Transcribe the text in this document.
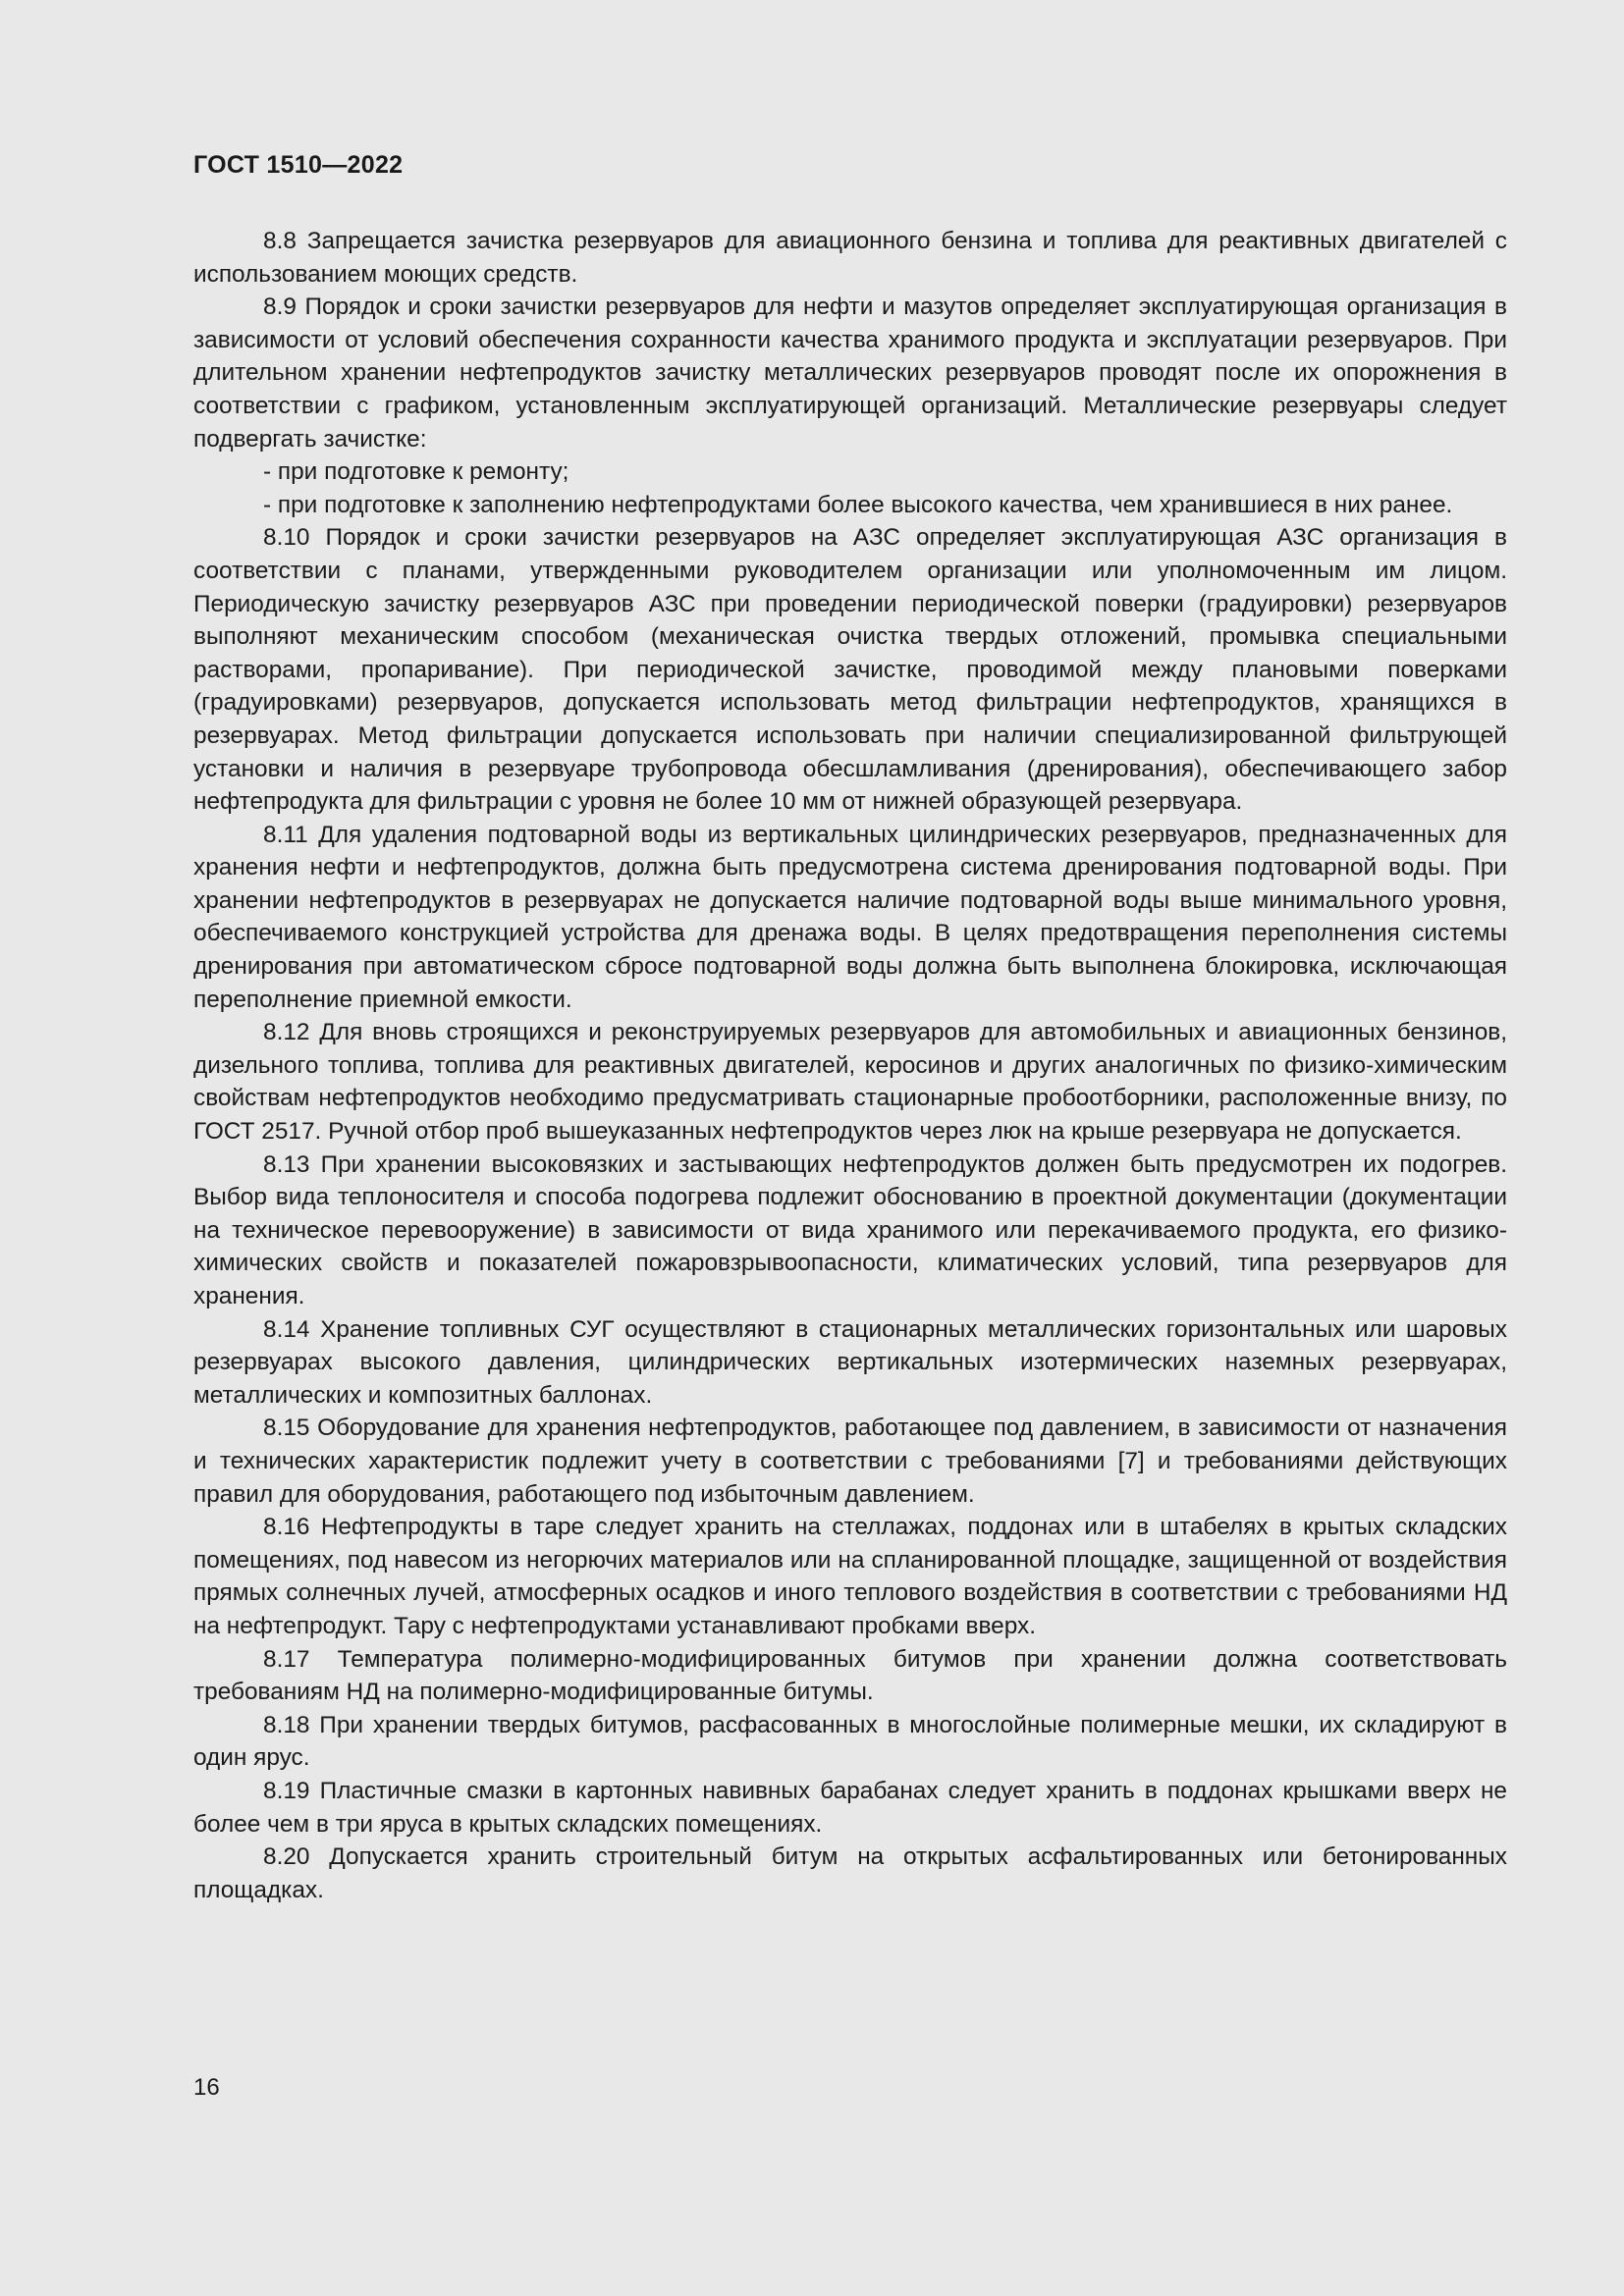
ГОСТ 1510—2022

8.8 Запрещается зачистка резервуаров для авиационного бензина и топлива для реактивных двигателей с использованием моющих средств.

8.9 Порядок и сроки зачистки резервуаров для нефти и мазутов определяет эксплуатирующая организация в зависимости от условий обеспечения сохранности качества хранимого продукта и эксплуатации резервуаров. При длительном хранении нефтепродуктов зачистку металлических резервуаров проводят после их опорожнения в соответствии с графиком, установленным эксплуатирующей организаций. Металлические резервуары следует подвергать зачистке:

- при подготовке к ремонту;

- при подготовке к заполнению нефтепродуктами более высокого качества, чем хранившиеся в них ранее.

8.10 Порядок и сроки зачистки резервуаров на АЗС определяет эксплуатирующая АЗС организация в соответствии с планами, утвержденными руководителем организации или уполномоченным им лицом. Периодическую зачистку резервуаров АЗС при проведении периодической поверки (градуировки) резервуаров выполняют механическим способом (механическая очистка твердых отложений, промывка специальными растворами, пропаривание). При периодической зачистке, проводимой между плановыми поверками (градуировками) резервуаров, допускается использовать метод фильтрации нефтепродуктов, хранящихся в резервуарах. Метод фильтрации допускается использовать при наличии специализированной фильтрующей установки и наличия в резервуаре трубопровода обесшламливания (дренирования), обеспечивающего забор нефтепродукта для фильтрации с уровня не более 10 мм от нижней образующей резервуара.

8.11 Для удаления подтоварной воды из вертикальных цилиндрических резервуаров, предназначенных для хранения нефти и нефтепродуктов, должна быть предусмотрена система дренирования подтоварной воды. При хранении нефтепродуктов в резервуарах не допускается наличие подтоварной воды выше минимального уровня, обеспечиваемого конструкцией устройства для дренажа воды. В целях предотвращения переполнения системы дренирования при автоматическом сбросе подтоварной воды должна быть выполнена блокировка, исключающая переполнение приемной емкости.

8.12 Для вновь строящихся и реконструируемых резервуаров для автомобильных и авиационных бензинов, дизельного топлива, топлива для реактивных двигателей, керосинов и других аналогичных по физико-химическим свойствам нефтепродуктов необходимо предусматривать стационарные пробоотборники, расположенные внизу, по ГОСТ 2517. Ручной отбор проб вышеуказанных нефтепродуктов через люк на крыше резервуара не допускается.

8.13 При хранении высоковязких и застывающих нефтепродуктов должен быть предусмотрен их подогрев. Выбор вида теплоносителя и способа подогрева подлежит обоснованию в проектной документации (документации на техническое перевооружение) в зависимости от вида хранимого или перекачиваемого продукта, его физико-химических свойств и показателей пожаровзрывоопасности, климатических условий, типа резервуаров для хранения.

8.14 Хранение топливных СУГ осуществляют в стационарных металлических горизонтальных или шаровых резервуарах высокого давления, цилиндрических вертикальных изотермических наземных резервуарах, металлических и композитных баллонах.

8.15 Оборудование для хранения нефтепродуктов, работающее под давлением, в зависимости от назначения и технических характеристик подлежит учету в соответствии с требованиями [7] и требованиями действующих правил для оборудования, работающего под избыточным давлением.

8.16 Нефтепродукты в таре следует хранить на стеллажах, поддонах или в штабелях в крытых складских помещениях, под навесом из негорючих материалов или на спланированной площадке, защищенной от воздействия прямых солнечных лучей, атмосферных осадков и иного теплового воздействия в соответствии с требованиями НД на нефтепродукт. Тару с нефтепродуктами устанавливают пробками вверх.

8.17 Температура полимерно-модифицированных битумов при хранении должна соответствовать требованиям НД на полимерно-модифицированные битумы.

8.18 При хранении твердых битумов, расфасованных в многослойные полимерные мешки, их складируют в один ярус.

8.19 Пластичные смазки в картонных навивных барабанах следует хранить в поддонах крышками вверх не более чем в три яруса в крытых складских помещениях.

8.20 Допускается хранить строительный битум на открытых асфальтированных или бетонированных площадках.

16
